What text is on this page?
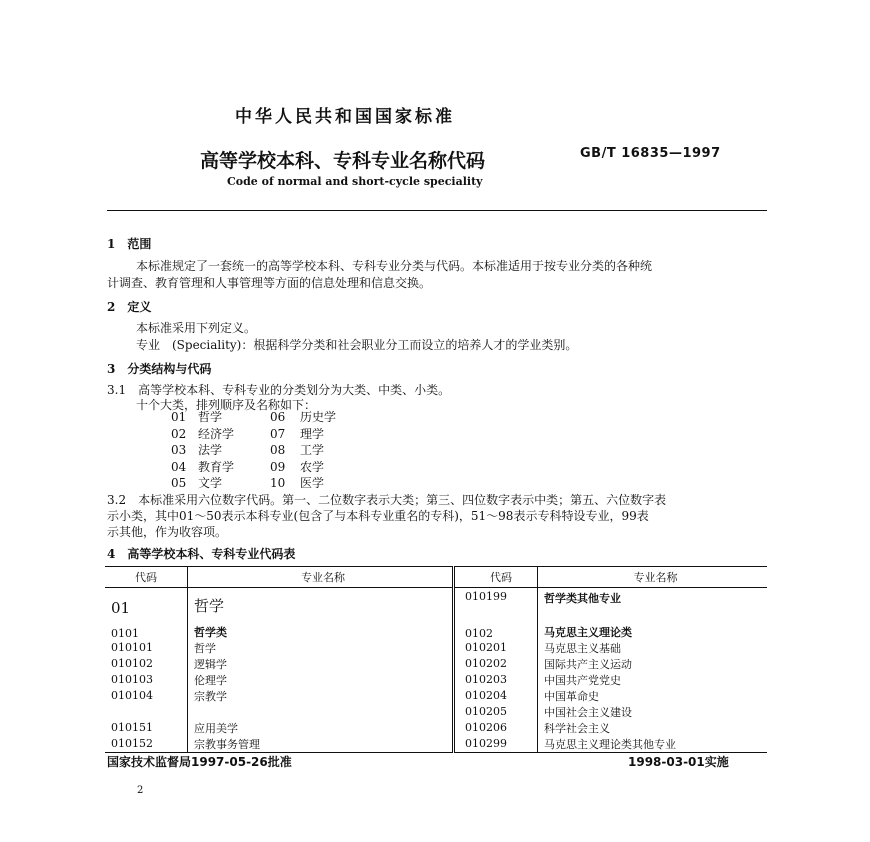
中华人民共和国国家标准
高等学校本科、专科专业名称代码	GB/T 16835—1997
Code of normal and short-cycle speciality
1　范围
本标准规定了一套统一的高等学校本科、专科专业分类与代码。本标准适用于按专业分类的各种统
计调查、教育管理和人事管理等方面的信息处理和信息交换。
2　定义
本标准采用下列定义。
专业　(Speciality)：根据科学分类和社会职业分工而设立的培养人才的学业类别。
3　分类结构与代码
3.1　高等学校本科、专科专业的分类划分为大类、中类、小类。
十个大类，排列顺序及名称如下：
01 哲学	06 历史学
02 经济学	07 理学
03 法学	08 工学
04 教育学	09 农学
05 文学	10 医学
3.2　本标准采用六位数字代码。第一、二位数字表示大类；第三、四位数字表示中类；第五、六位数字表
示小类，其中01～50表示本科专业(包含了与本科专业重名的专科)，51～98表示专科特设专业，99表
示其他，作为收容项。
4　高等学校本科、专科专业代码表
代码	专业名称	代码	专业名称
01	哲学	010199	哲学类其他专业
0101	哲学类	0102	马克思主义理论类
010101	哲学	010201	马克思主义基础
010102	逻辑学	010202	国际共产主义运动
010103	伦理学	010203	中国共产党党史
010104	宗教学	010204	中国革命史
		010205	中国社会主义建设
010151	应用美学	010206	科学社会主义
010152	宗教事务管理	010299	马克思主义理论类其他专业
国家技术监督局1997-05-26批准	1998-03-01实施
2
